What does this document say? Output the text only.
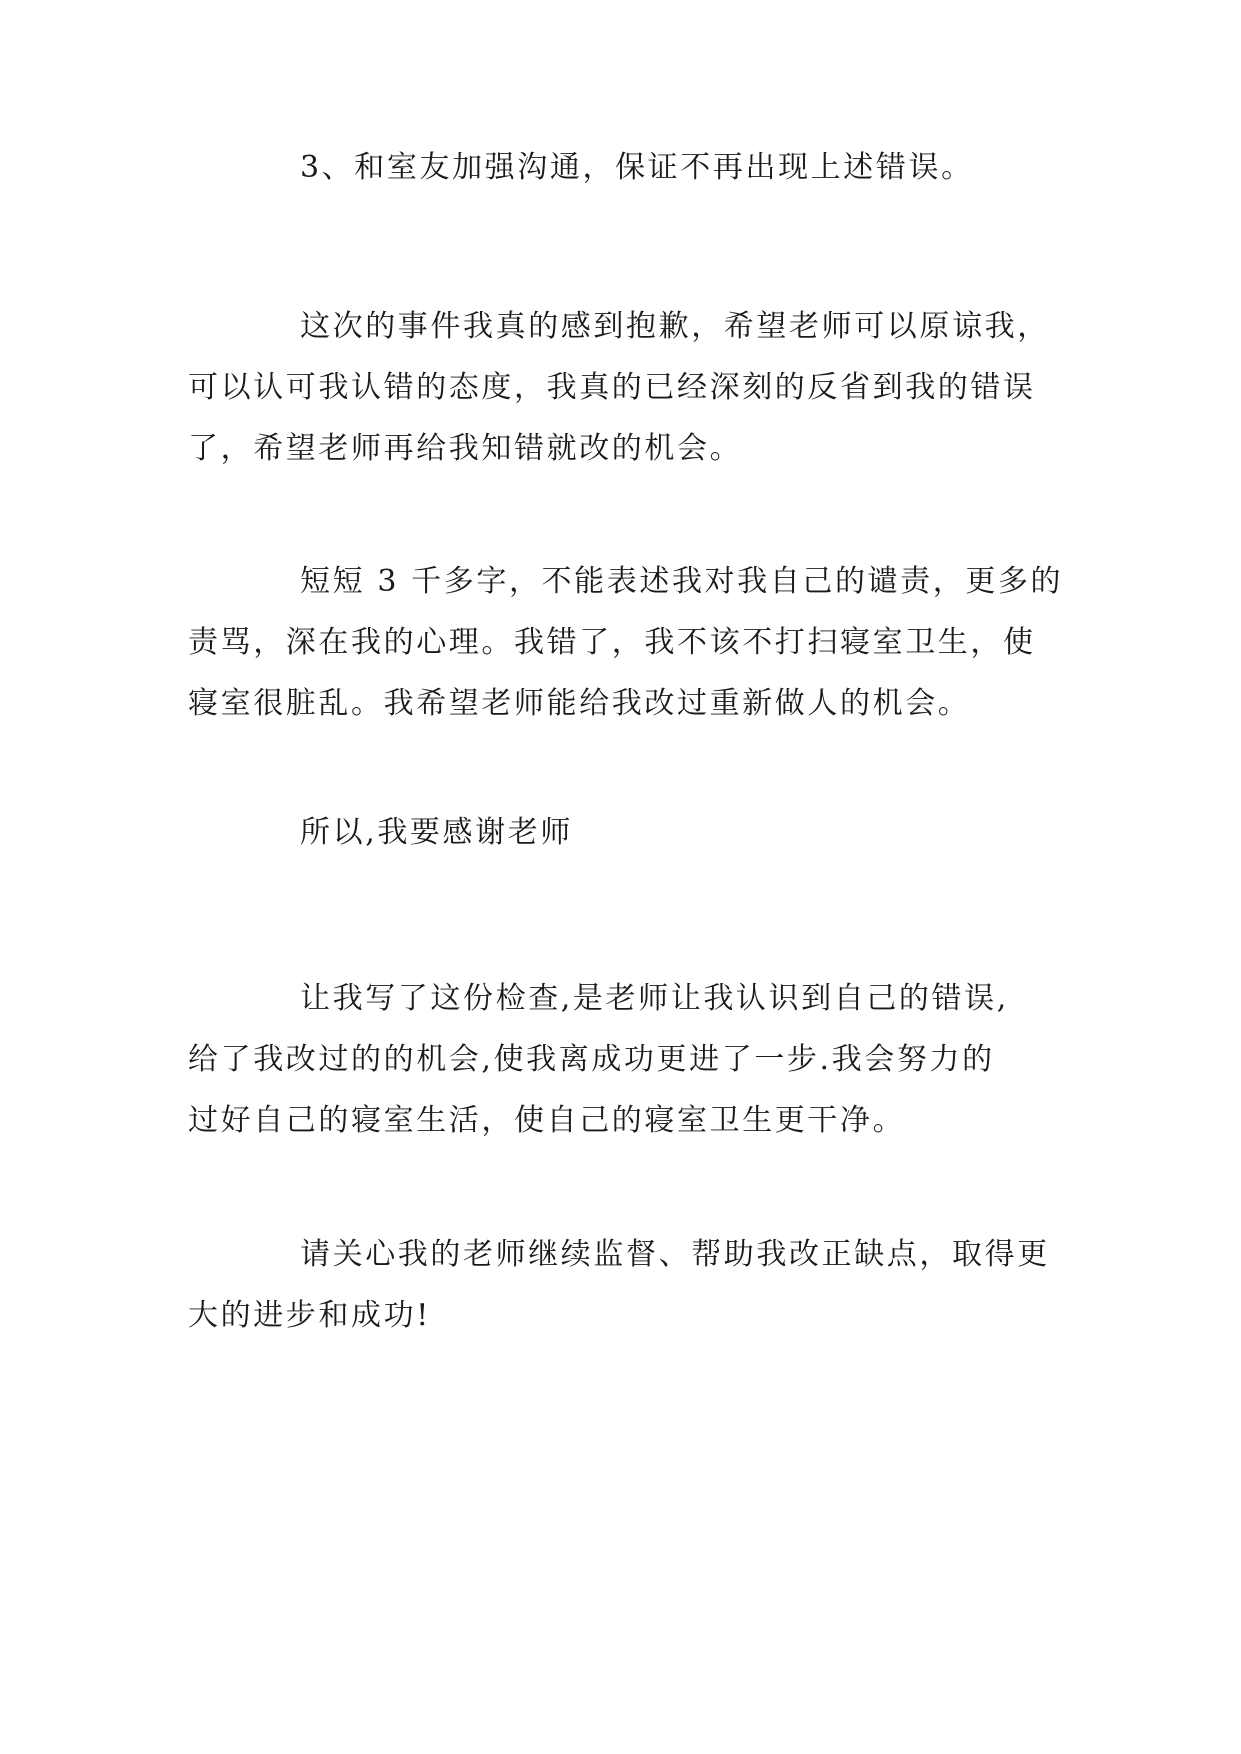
3、和室友加强沟通，保证不再出现上述错误。
这次的事件我真的感到抱歉，希望老师可以原谅我，
可以认可我认错的态度，我真的已经深刻的反省到我的错误
了，希望老师再给我知错就改的机会。
短短 3 千多字，不能表述我对我自己的谴责，更多的
责骂，深在我的心理。我错了，我不该不打扫寝室卫生，使
寝室很脏乱。我希望老师能给我改过重新做人的机会。
所以,我要感谢老师
让我写了这份检查,是老师让我认识到自己的错误,
给了我改过的的机会,使我离成功更进了一步.我会努力的
过好自己的寝室生活，使自己的寝室卫生更干净。
请关心我的老师继续监督、帮助我改正缺点，取得更
大的进步和成功!
